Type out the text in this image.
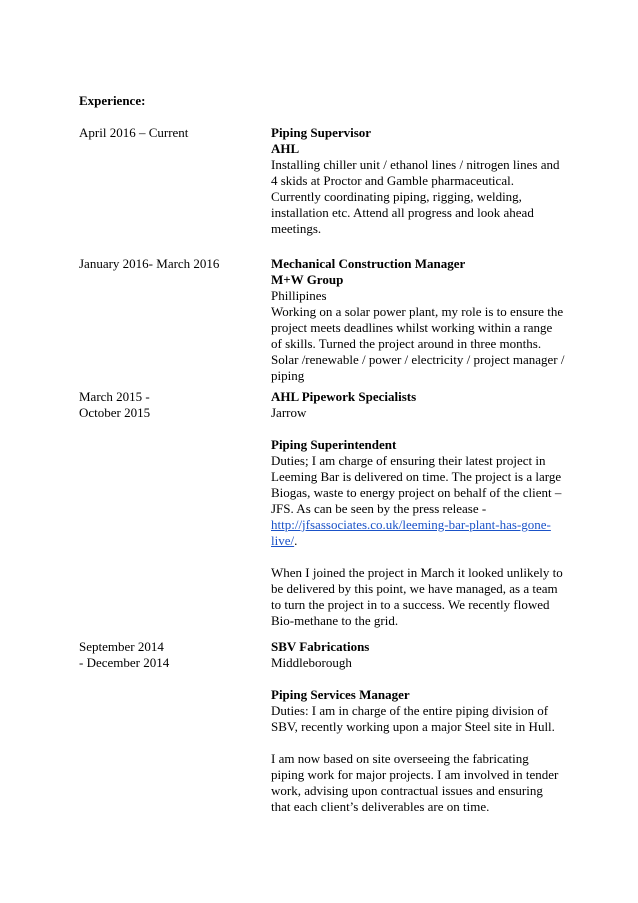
Experience:
April 2016 – Current	Piping Supervisor
AHL
Installing chiller unit / ethanol lines / nitrogen lines and
4 skids at Proctor and Gamble pharmaceutical.
Currently coordinating piping, rigging, welding,
installation etc. Attend all progress and look ahead
meetings.
January 2016- March 2016	Mechanical Construction Manager
M+W Group
Phillipines
Working on a solar power plant, my role is to ensure the
project meets deadlines whilst working within a range
of skills. Turned the project around in three months.
Solar /renewable / power / electricity / project manager /
piping
March 2015 -
October 2015
AHL Pipework Specialists
Jarrow
Piping Superintendent
Duties; I am charge of ensuring their latest project in
Leeming Bar is delivered on time. The project is a large
Biogas, waste to energy project on behalf of the client –
JFS. As can be seen by the press release -
http://jfsassociates.co.uk/leeming-bar-plant-has-gone-
live/.
When I joined the project in March it looked unlikely to
be delivered by this point, we have managed, as a team
to turn the project in to a success. We recently flowed
Bio-methane to the grid.
September 2014
- December 2014
SBV Fabrications
Middleborough
Piping Services Manager
Duties: I am in charge of the entire piping division of
SBV, recently working upon a major Steel site in Hull.
I am now based on site overseeing the fabricating
piping work for major projects. I am involved in tender
work, advising upon contractual issues and ensuring
that each client’s deliverables are on time.
